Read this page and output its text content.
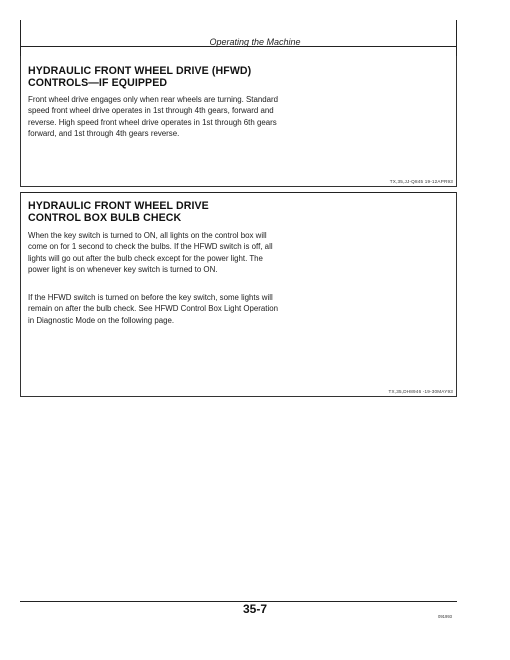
Operating the Machine
HYDRAULIC FRONT WHEEL DRIVE (HFWD)
CONTROLS—IF EQUIPPED
Front wheel drive engages only when rear wheels are turning. Standard speed front wheel drive operates in 1st through 4th gears, forward and reverse. High speed front wheel drive operates in 1st through 6th gears forward, and 1st through 4th gears reverse.
TX,35,JJ-Q845 19-12APR93
HYDRAULIC FRONT WHEEL DRIVE
CONTROL BOX BULB CHECK
When the key switch is turned to ON, all lights on the control box will come on for 1 second to check the bulbs. If the HFWD switch is off, all lights will go out after the bulb check except for the power light. The power light is on whenever key switch is turned to ON.
If the HFWD switch is turned on before the key switch, some lights will remain on after the bulb check. See HFWD Control Box Light Operation in Diagnostic Mode on the following page.
TX,35,DH8946 -19-30MAY93
35-7
091993
